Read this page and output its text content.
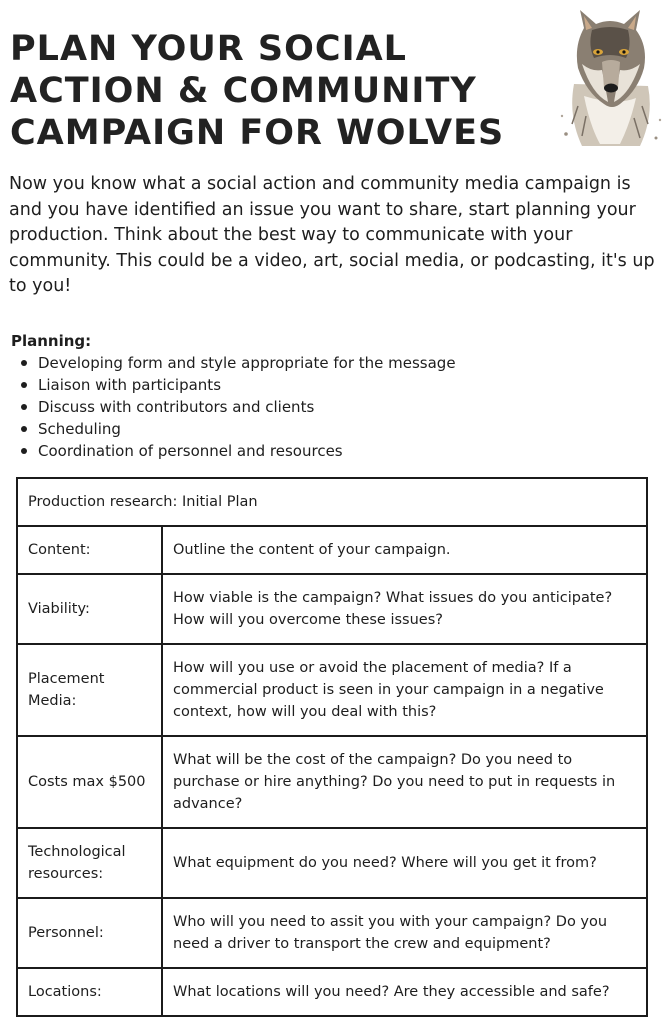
PLAN YOUR SOCIAL ACTION & COMMUNITY CAMPAIGN FOR WOLVES

Now you know what a social action and community media campaign is and you have identified an issue you want to share, start planning your production. Think about the best way to communicate with your community. This could be a video, art, social media, or podcasting, it's up to you!

Planning:

Developing form and style appropriate for the message
Liaison with participants
Discuss with contributors and clients
Scheduling
Coordination of personnel and resources
Production research: Initial Plan	
Content:	Outline the content of your campaign.
Viability:	How viable is the campaign? What issues do you anticipate? How will you overcome these issues?
Placement Media:	How will you use or avoid the placement of media? If a commercial product is seen in your campaign in a negative context, how will you deal with this?
Costs max $500	What will be the cost of the campaign? Do you need to purchase or hire anything? Do you need to put in requests in advance?
Technological resources:	What equipment do you need? Where will you get it from?
Personnel:	Who will you need to assit you with your campaign? Do you need a driver to transport the crew and equipment?
Locations:	What locations will you need? Are they accessible and safe?
